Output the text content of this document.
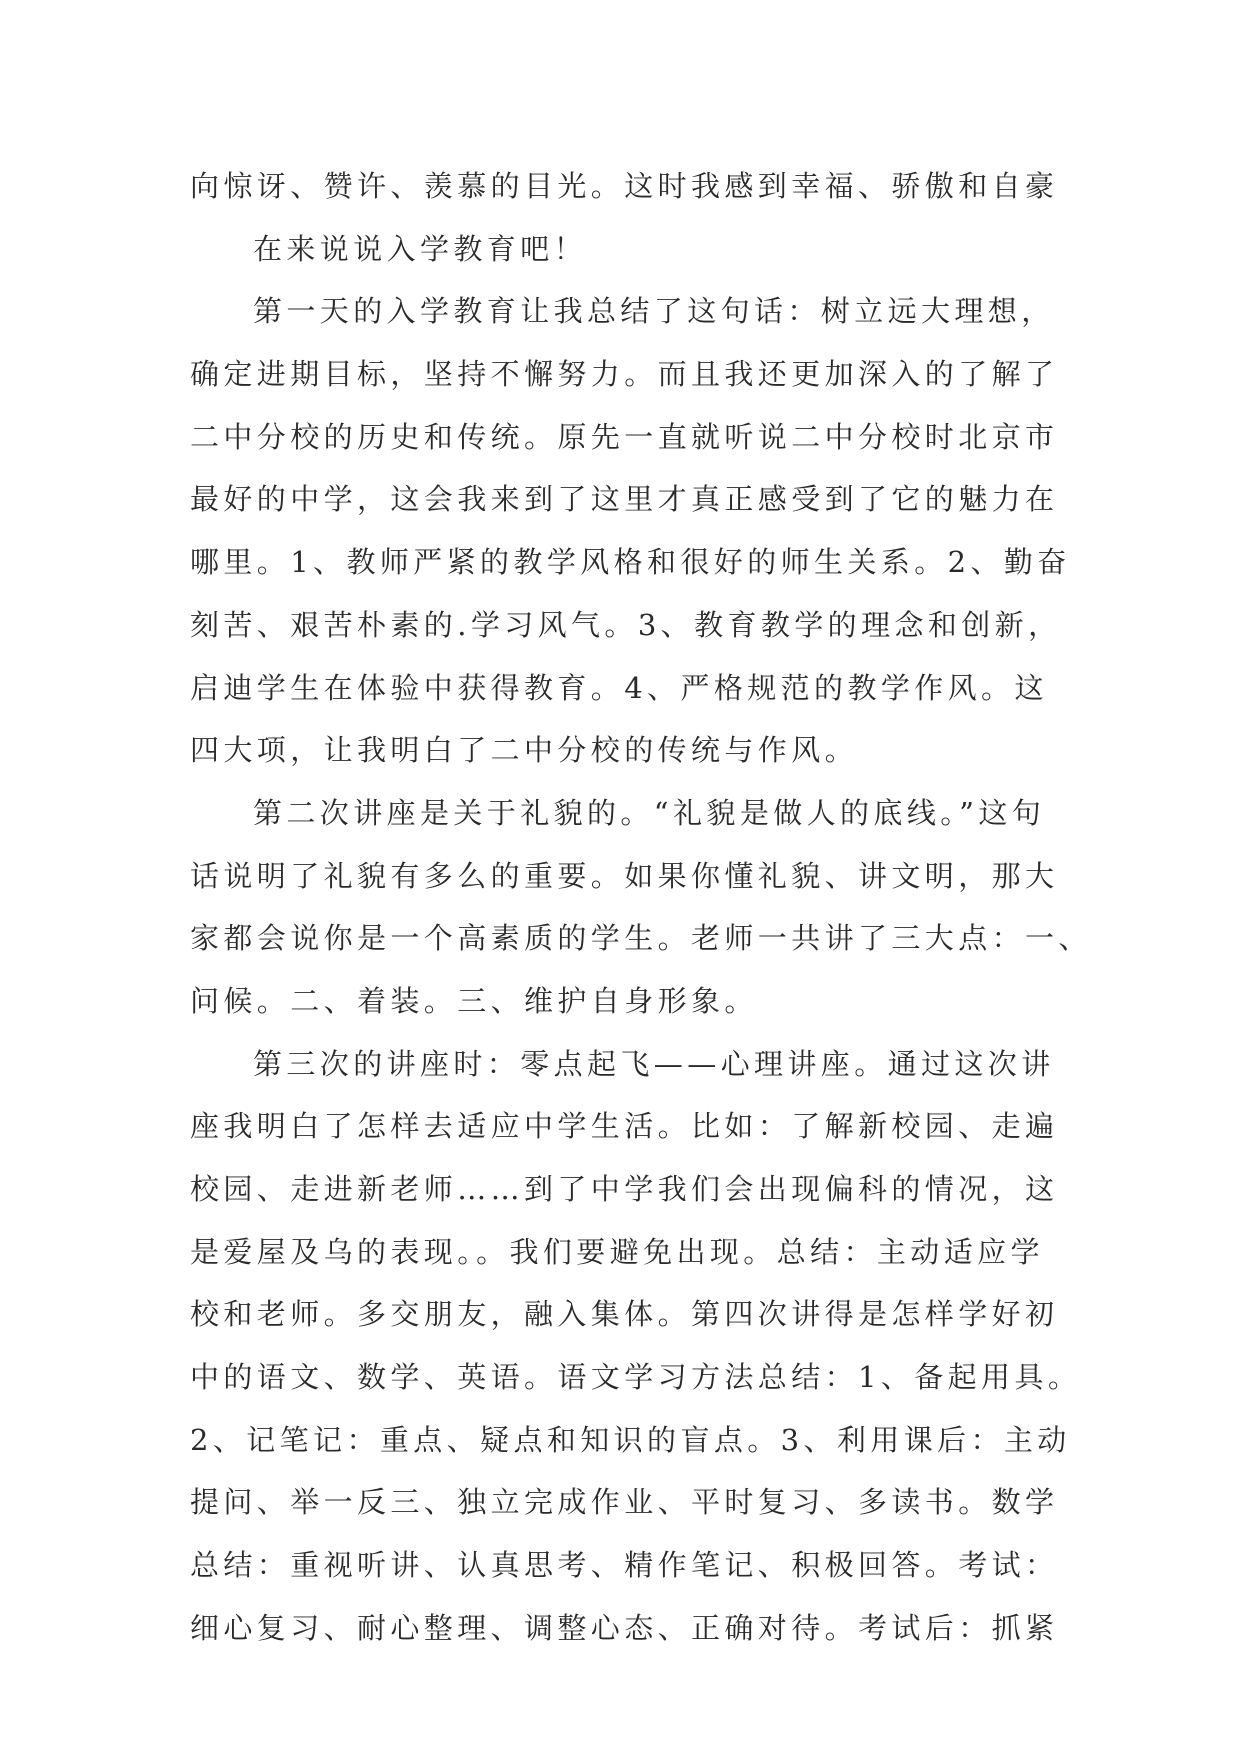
向惊讶、赞许、羡慕的目光。这时我感到幸福、骄傲和自豪
在来说说入学教育吧！
第一天的入学教育让我总结了这句话：树立远大理想，
确定进期目标，坚持不懈努力。而且我还更加深入的了解了
二中分校的历史和传统。原先一直就听说二中分校时北京市
最好的中学，这会我来到了这里才真正感受到了它的魅力在
哪里。1、教师严紧的教学风格和很好的师生关系。2、勤奋
刻苦、艰苦朴素的.学习风气。3、教育教学的理念和创新，
启迪学生在体验中获得教育。4、严格规范的教学作风。这
四大项，让我明白了二中分校的传统与作风。
第二次讲座是关于礼貌的。“礼貌是做人的底线。”这句
话说明了礼貌有多么的重要。如果你懂礼貌、讲文明，那大
家都会说你是一个高素质的学生。老师一共讲了三大点：一、
问候。二、着装。三、维护自身形象。
第三次的讲座时：零点起飞——心理讲座。通过这次讲
座我明白了怎样去适应中学生活。比如：了解新校园、走遍
校园、走进新老师……到了中学我们会出现偏科的情况，这
是爱屋及乌的表现。。我们要避免出现。总结：主动适应学
校和老师。多交朋友，融入集体。第四次讲得是怎样学好初
中的语文、数学、英语。语文学习方法总结：1、备起用具。
2、记笔记：重点、疑点和知识的盲点。3、利用课后：主动
提问、举一反三、独立完成作业、平时复习、多读书。数学
总结：重视听讲、认真思考、精作笔记、积极回答。考试：
细心复习、耐心整理、调整心态、正确对待。考试后：抓紧
